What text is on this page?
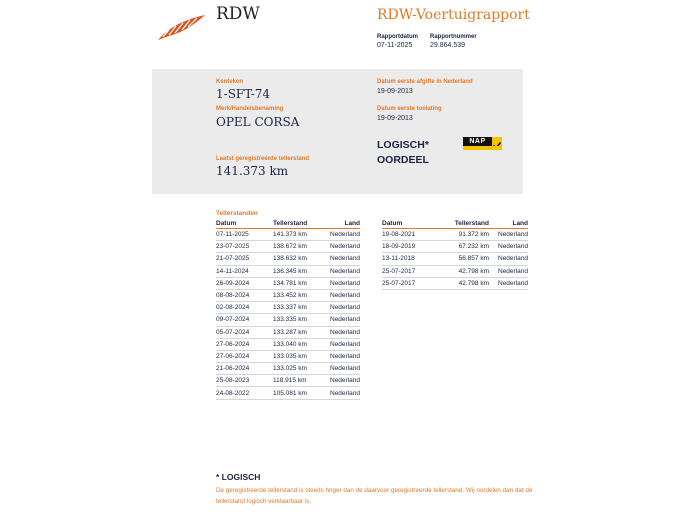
RDW	RDW-Voertuigrapport
Rapportdatum
07-11-2025
Rapportnummer
29.864.539
Kenteken
1-SFT-74
Merk/Handelsbenaming
OPEL CORSA
Laatst geregistreerde tellerstand
141.373 km
Datum eerste afgifte in Nederland
19-09-2013
Datum eerste toelating
19-09-2013
LOGISCH*
OORDEEL
NAP
Tellerstanden
Datum	Tellerstand	Land
07-11-2025	141.373 km	Nederland
23-07-2025	138.672 km	Nederland
21-07-2025	138.632 km	Nederland
14-11-2024	136.345 km	Nederland
26-09-2024	134.781 km	Nederland
08-08-2024	133.452 km	Nederland
02-08-2024	133.337 km	Nederland
09-07-2024	133.335 km	Nederland
05-07-2024	133.287 km	Nederland
27-06-2024	133.040 km	Nederland
27-06-2024	133.035 km	Nederland
21-06-2024	133.025 km	Nederland
25-08-2023	118.915 km	Nederland
24-08-2022	105.081 km	Nederland
Datum	Tellerstand	Land
19-08-2021	91.372 km	Nederland
18-09-2019	67.232 km	Nederland
13-11-2018	56.857 km	Nederland
25-07-2017	42.798 km	Nederland
25-07-2017	42.798 km	Nederland
* LOGISCH
De geregistreerde tellerstand is steeds hoger dan de daarvoor geregistreerde tellerstand. Wij oordelen dan dat de tellerstand logisch verklaarbaar is.
